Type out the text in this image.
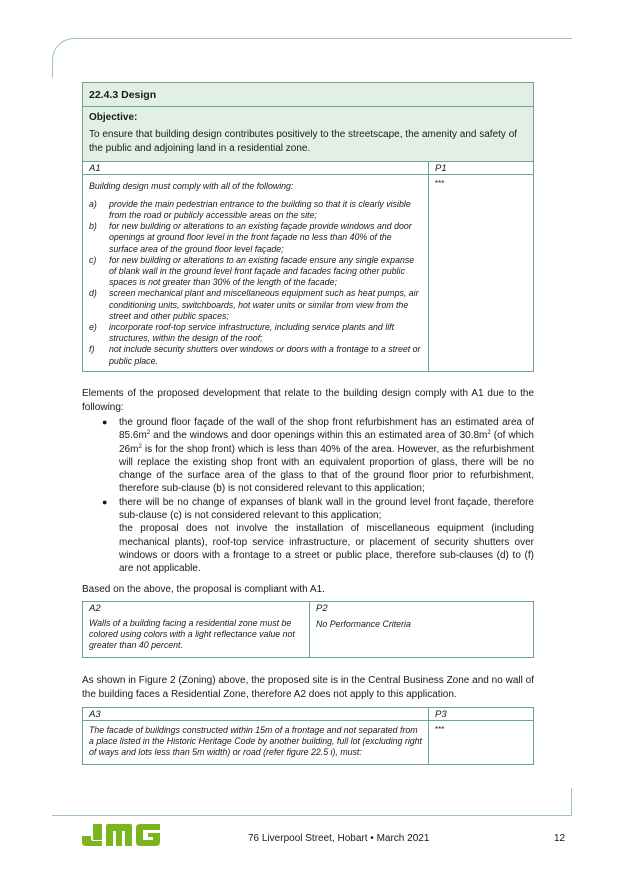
22.4.3 Design
Objective:
To ensure that building design contributes positively to the streetscape, the amenity and safety of the public and adjoining land in a residential zone.
A1
Building design must comply with all of the following:
a)	provide the main pedestrian entrance to the building so that it is clearly visible from the road or publicly accessible areas on the site;
b)	for new building or alterations to an existing façade provide windows and door openings at ground floor level in the front façade no less than 40% of the surface area of the ground floor level façade;
c)	for new building or alterations to an existing facade ensure any single expanse of blank wall in the ground level front façade and facades facing other public spaces is not greater than 30% of the length of the facade;
d)	screen mechanical plant and miscellaneous equipment such as heat pumps, air conditioning units, switchboards, hot water units or similar from view from the street and other public spaces;
e)	incorporate roof-top service infrastructure, including service plants and lift structures, within the design of the roof;
f)	not include security shutters over windows or doors with a frontage to a street or public place.
P1
***
Elements of the proposed development that relate to the building design comply with A1 due to the following:
●	the ground floor façade of the wall of the shop front refurbishment has an estimated area of $85.6m^2$ and the windows and door openings within this an estimated area of $30.8m^2$ (of which $26m^2$ is for the shop front) which is less than 40% of the area. However, as the refurbishment will replace the existing shop front with an equivalent proportion of glass, there will be no change of the surface area of the glass to that of the ground floor prior to refurbishment, therefore sub-clause (b) is not considered relevant to this application;
●	there will be no change of expanses of blank wall in the ground level front façade, therefore sub-clause (c) is not considered relevant to this application;
the proposal does not involve the installation of miscellaneous equipment (including mechanical plants), roof-top service infrastructure, or placement of security shutters over windows or doors with a frontage to a street or public place, therefore sub-clauses (d) to (f) are not applicable.
Based on the above, the proposal is compliant with A1.
A2
Walls of a building facing a residential zone must be colored using colors with a light reflectance value not greater than 40 percent.
P2
No Performance Criteria
As shown in Figure 2 (Zoning) above, the proposed site is in the Central Business Zone and no wall of the building faces a Residential Zone, therefore A2 does not apply to this application.
A3
The facade of buildings constructed within 15m of a frontage and not separated from a place listed in the Historic Heritage Code by another building, full lot (excluding right of ways and lots less than 5m width) or road (refer figure 22.5 i), must:
P3
***
76 Liverpool Street, Hobart • March 2021	12
